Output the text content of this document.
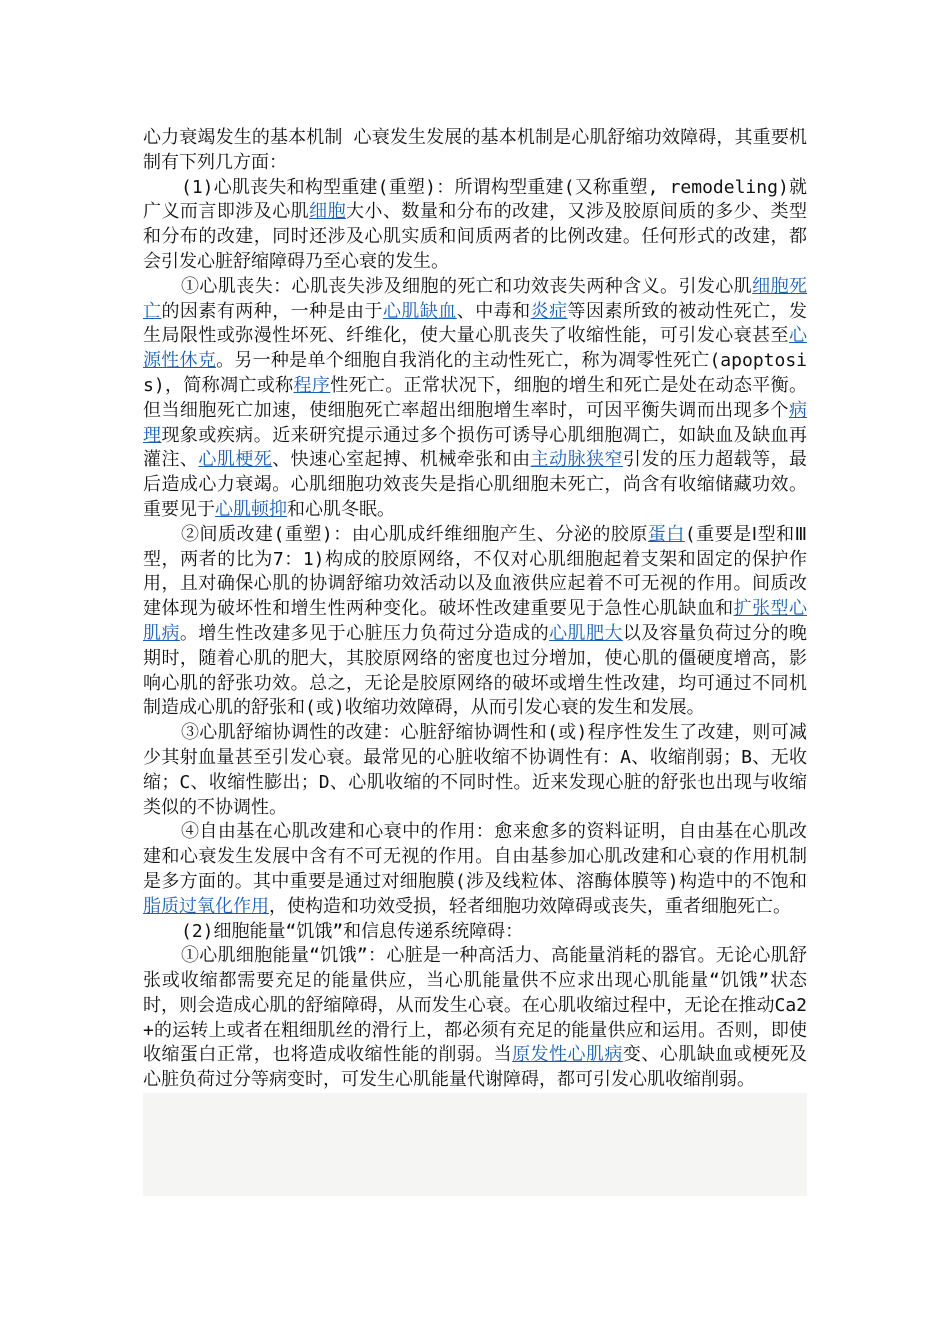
心力衰竭发生的基本机制 心衰发生发展的基本机制是心肌舒缩功效障碍，其重要机制有下列几方面：

(1)心肌丧失和构型重建(重塑)：所谓构型重建(又称重塑, remodeling)就广义而言即涉及心肌细胞大小、数量和分布的改建，又涉及胶原间质的多少、类型和分布的改建，同时还涉及心肌实质和间质两者的比例改建。任何形式的改建，都会引发心脏舒缩障碍乃至心衰的发生。

①心肌丧失：心肌丧失涉及细胞的死亡和功效丧失两种含义。引发心肌细胞死亡的因素有两种，一种是由于心肌缺血、中毒和炎症等因素所致的被动性死亡，发生局限性或弥漫性坏死、纤维化，使大量心肌丧失了收缩性能，可引发心衰甚至心源性休克。另一种是单个细胞自我消化的主动性死亡，称为凋零性死亡(apoptosis)，简称凋亡或称程序性死亡。正常状况下，细胞的增生和死亡是处在动态平衡。但当细胞死亡加速，使细胞死亡率超出细胞增生率时，可因平衡失调而出现多个病理现象或疾病。近来研究提示通过多个损伤可诱导心肌细胞凋亡，如缺血及缺血再灌注、心肌梗死、快速心室起搏、机械牵张和由主动脉狭窄引发的压力超载等，最后造成心力衰竭。心肌细胞功效丧失是指心肌细胞未死亡，尚含有收缩储藏功效。重要见于心肌顿抑和心肌冬眠。

②间质改建(重塑)：由心肌成纤维细胞产生、分泌的胶原蛋白(重要是Ⅰ型和Ⅲ型，两者的比为7：1)构成的胶原网络，不仅对心肌细胞起着支架和固定的保护作用，且对确保心肌的协调舒缩功效活动以及血液供应起着不可无视的作用。间质改建体现为破坏性和增生性两种变化。破坏性改建重要见于急性心肌缺血和扩张型心肌病。增生性改建多见于心脏压力负荷过分造成的心肌肥大以及容量负荷过分的晚期时，随着心肌的肥大，其胶原网络的密度也过分增加，使心肌的僵硬度增高，影响心肌的舒张功效。总之，无论是胶原网络的破坏或增生性改建，均可通过不同机制造成心肌的舒张和(或)收缩功效障碍，从而引发心衰的发生和发展。

③心肌舒缩协调性的改建：心脏舒缩协调性和(或)程序性发生了改建，则可减少其射血量甚至引发心衰。最常见的心脏收缩不协调性有：A、收缩削弱；B、无收缩；C、收缩性膨出；D、心肌收缩的不同时性。近来发现心脏的舒张也出现与收缩类似的不协调性。

④自由基在心肌改建和心衰中的作用：愈来愈多的资料证明，自由基在心肌改建和心衰发生发展中含有不可无视的作用。自由基参加心肌改建和心衰的作用机制是多方面的。其中重要是通过对细胞膜(涉及线粒体、溶酶体膜等)构造中的不饱和脂质过氧化作用，使构造和功效受损，轻者细胞功效障碍或丧失，重者细胞死亡。

(2)细胞能量“饥饿”和信息传递系统障碍：

①心肌细胞能量“饥饿”：心脏是一种高活力、高能量消耗的器官。无论心肌舒张或收缩都需要充足的能量供应，当心肌能量供不应求出现心肌能量“饥饿”状态时，则会造成心肌的舒缩障碍，从而发生心衰。在心肌收缩过程中，无论在推动Ca2+的运转上或者在粗细肌丝的滑行上，都必须有充足的能量供应和运用。否则，即使收缩蛋白正常，也将造成收缩性能的削弱。当原发性心肌病变、心肌缺血或梗死及心脏负荷过分等病变时，可发生心肌能量代谢障碍，都可引发心肌收缩削弱。
